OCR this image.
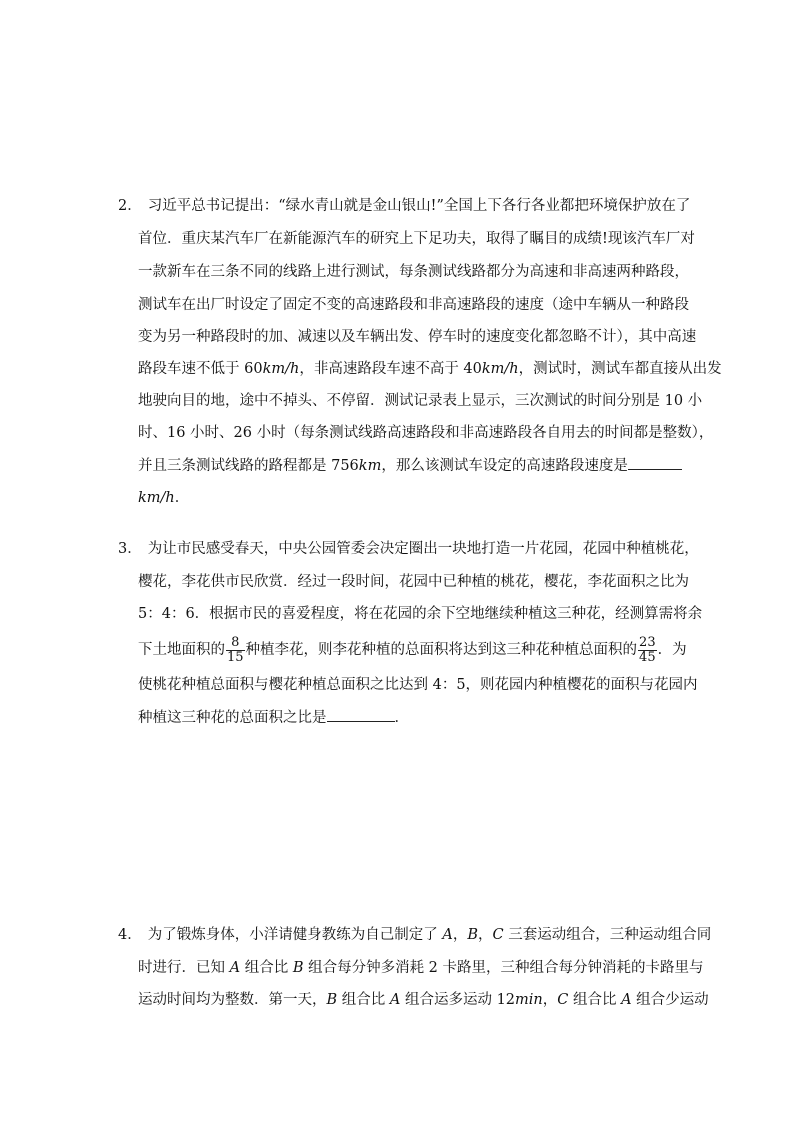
2． 习近平总书记提出：“绿水青山就是金山银山!”全国上下各行各业都把环境保护放在了
首位．重庆某汽车厂在新能源汽车的研究上下足功夫，取得了瞩目的成绩!现该汽车厂对
一款新车在三条不同的线路上进行测试，每条测试线路都分为高速和非高速两种路段，
测试车在出厂时设定了固定不变的高速路段和非高速路段的速度（途中车辆从一种路段
变为另一种路段时的加、减速以及车辆出发、停车时的速度变化都忽略不计），其中高速
路段车速不低于 60km/h，非高速路段车速不高于 40km/h，测试时，测试车都直接从出发
地驶向目的地，途中不掉头、不停留．测试记录表上显示，三次测试的时间分别是 10 小
时、16 小时、26 小时（每条测试线路高速路段和非高速路段各自用去的时间都是整数），
并且三条测试线路的路程都是 756km，那么该测试车设定的高速路段速度是
km/h．
3． 为让市民感受春天，中央公园管委会决定圈出一块地打造一片花园，花园中种植桃花，
樱花，李花供市民欣赏．经过一段时间，花园中已种植的桃花，樱花，李花面积之比为
5：4：6．根据市民的喜爱程度，将在花园的余下空地继续种植这三种花，经测算需将余
下土地面积的 $\frac{8}{15}$ 种植李花，则李花种植的总面积将达到这三种花种植总面积的 $\frac{23}{45}$ ．为
使桃花种植总面积与樱花种植总面积之比达到 4：5，则花园内种植樱花的面积与花园内
种植这三种花的总面积之比是	．
4． 为了锻炼身体，小洋请健身教练为自己制定了 A，B，C 三套运动组合，三种运动组合同
时进行．已知 A 组合比 B 组合每分钟多消耗 2 卡路里，三种组合每分钟消耗的卡路里与
运动时间均为整数．第一天，B 组合比 A 组合运多运动 12min，C 组合比 A 组合少运动
